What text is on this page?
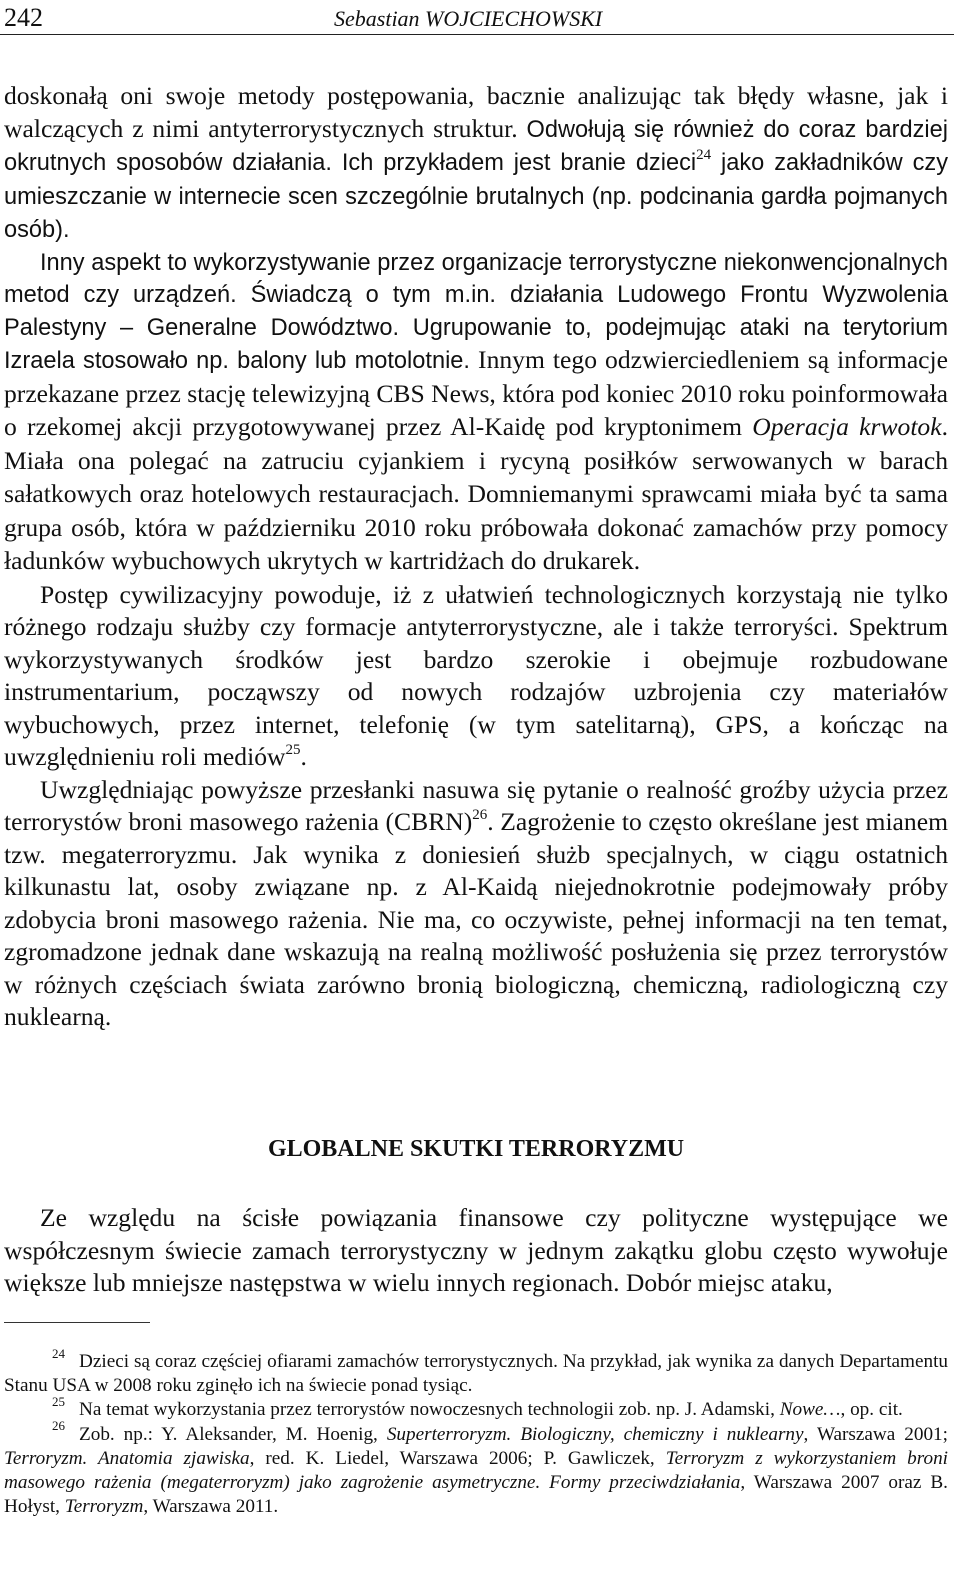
242	Sebastian WOJCIECHOWSKI

doskonałą oni swoje metody postępowania, bacznie analizując tak błędy własne, jak i walczących z nimi antyterrorystycznych struktur. Odwołują się również do coraz bardziej okrutnych sposobów działania. Ich przykładem jest branie dzieci$^{24}$ jako zakładników czy umieszczanie w internecie scen szczególnie brutalnych (np. podcinania gardła pojmanych osób).

Inny aspekt to wykorzystywanie przez organizacje terrorystyczne niekonwencjonalnych metod czy urządzeń. Świadczą o tym m.in. działania Ludowego Frontu Wyzwolenia Palestyny – Generalne Dowództwo. Ugrupowanie to, podejmując ataki na terytorium Izraela stosowało np. balony lub motolotnie. Innym tego odzwierciedleniem są informacje przekazane przez stację telewizyjną CBS News, która pod koniec 2010 roku poinformowała o rzekomej akcji przygotowywanej przez Al-Kaidę pod kryptonimem Operacja krwotok. Miała ona polegać na zatruciu cyjankiem i rycyną posiłków serwowanych w barach sałatkowych oraz hotelowych restauracjach. Domniemanymi sprawcami miała być ta sama grupa osób, która w październiku 2010 roku próbowała dokonać zamachów przy pomocy ładunków wybuchowych ukrytych w kartridżach do drukarek.

Postęp cywilizacyjny powoduje, iż z ułatwień technologicznych korzystają nie tylko różnego rodzaju służby czy formacje antyterrorystyczne, ale i także terroryści. Spektrum wykorzystywanych środków jest bardzo szerokie i obejmuje rozbudowane instrumentarium, począwszy od nowych rodzajów uzbrojenia czy materiałów wybuchowych, przez internet, telefonię (w tym satelitarną), GPS, a kończąc na uwzględnieniu roli mediów$^{25}$.

Uwzględniając powyższe przesłanki nasuwa się pytanie o realność groźby użycia przez terrorystów broni masowego rażenia (CBRN)$^{26}$. Zagrożenie to często określane jest mianem tzw. megaterroryzmu. Jak wynika z doniesień służb specjalnych, w ciągu ostatnich kilkunastu lat, osoby związane np. z Al-Kaidą niejednokrotnie podejmowały próby zdobycia broni masowego rażenia. Nie ma, co oczywiste, pełnej informacji na ten temat, zgromadzone jednak dane wskazują na realną możliwość posłużenia się przez terrorystów w różnych częściach świata zarówno bronią biologiczną, chemiczną, radiologiczną czy nuklearną.

GLOBALNE SKUTKI TERRORYZMU

Ze względu na ścisłe powiązania finansowe czy polityczne występujące we współczesnym świecie zamach terrorystyczny w jednym zakątku globu często wywołuje większe lub mniejsze następstwa w wielu innych regionach. Dobór miejsc ataku,

$^{24}$ Dzieci są coraz częściej ofiarami zamachów terrorystycznych. Na przykład, jak wynika za danych Departamentu Stanu USA w 2008 roku zginęło ich na świecie ponad tysiąc.

$^{25}$ Na temat wykorzystania przez terrorystów nowoczesnych technologii zob. np. J. Adamski, Nowe…, op. cit.

$^{26}$ Zob. np.: Y. Aleksander, M. Hoenig, Superterroryzm. Biologiczny, chemiczny i nuklearny, Warszawa 2001; Terroryzm. Anatomia zjawiska, red. K. Liedel, Warszawa 2006; P. Gawliczek, Terroryzm z wykorzystaniem broni masowego rażenia (megaterroryzm) jako zagrożenie asymetryczne. Formy przeciwdziałania, Warszawa 2007 oraz B. Hołyst, Terroryzm, Warszawa 2011.
